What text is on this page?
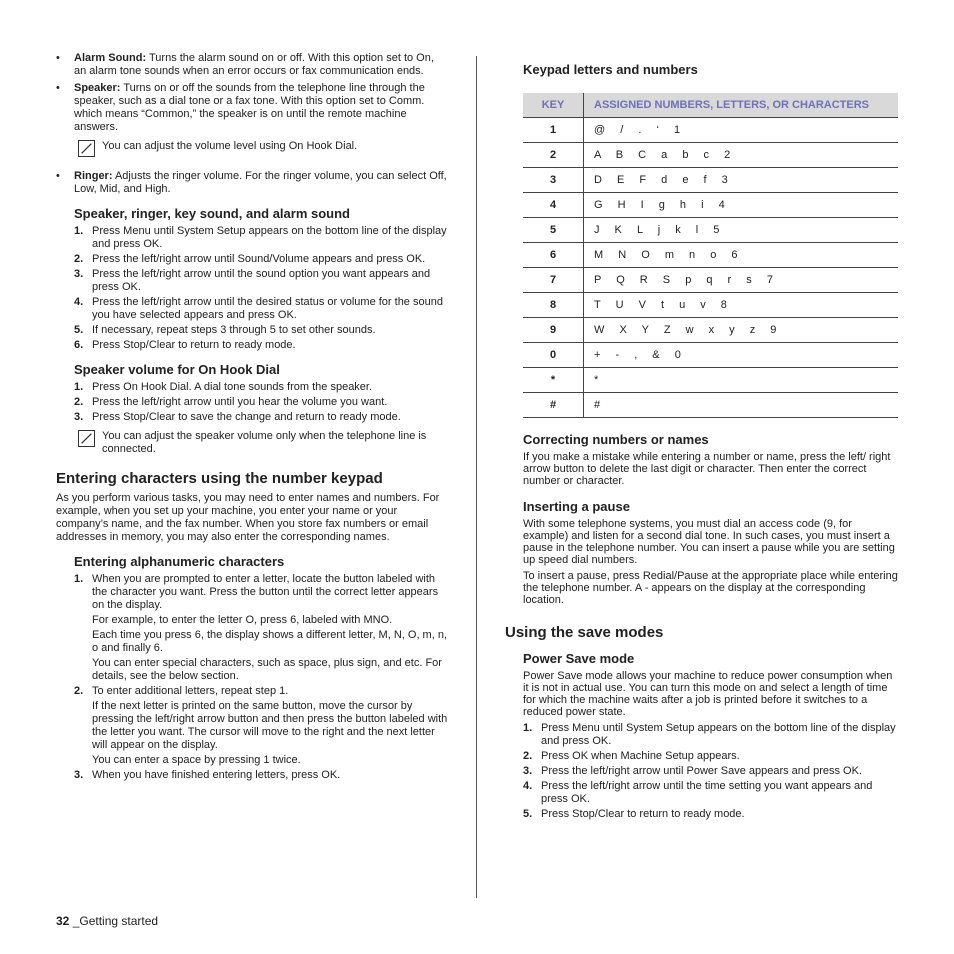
• Alarm Sound: Turns the alarm sound on or off. With this option set to On, an alarm tone sounds when an error occurs or fax communication ends.
• Speaker: Turns on or off the sounds from the telephone line through the speaker, such as a dial tone or a fax tone. With this option set to Comm. which means “Common,” the speaker is on until the remote machine answers.
You can adjust the volume level using On Hook Dial.
• Ringer: Adjusts the ringer volume. For the ringer volume, you can select Off, Low, Mid, and High.
Speaker, ringer, key sound, and alarm sound
1. Press Menu until System Setup appears on the bottom line of the display and press OK.
2. Press the left/right arrow until Sound/Volume appears and press OK.
3. Press the left/right arrow until the sound option you want appears and press OK.
4. Press the left/right arrow until the desired status or volume for the sound you have selected appears and press OK.
5. If necessary, repeat steps 3 through 5 to set other sounds.
6. Press Stop/Clear to return to ready mode.
Speaker volume for On Hook Dial
1. Press On Hook Dial. A dial tone sounds from the speaker.
2. Press the left/right arrow until you hear the volume you want.
3. Press Stop/Clear to save the change and return to ready mode.
You can adjust the speaker volume only when the telephone line is connected.
Entering characters using the number keypad

As you perform various tasks, you may need to enter names and numbers. For example, when you set up your machine, you enter your name or your company’s name, and the fax number. When you store fax numbers or email addresses in memory, you may also enter the corresponding names.

Entering alphanumeric characters
1. When you are prompted to enter a letter, locate the button labeled with the character you want. Press the button until the correct letter appears on the display.

For example, to enter the letter O, press 6, labeled with MNO.

Each time you press 6, the display shows a different letter, M, N, O, m, n, o and finally 6.

You can enter special characters, such as space, plus sign, and etc. For details, see the below section.

2. To enter additional letters, repeat step 1.

If the next letter is printed on the same button, move the cursor by pressing the left/right arrow button and then press the button labeled with the letter you want. The cursor will move to the right and the next letter will appear on the display.

You can enter a space by pressing 1 twice.

3. When you have finished entering letters, press OK.
Keypad letters and numbers
KEY	ASSIGNED NUMBERS, LETTERS, OR CHARACTERS
1	@ / . ‘ 1
2	A B C a b c 2
3	D E F d e f 3
4	G H I g h i 4
5	J K L j k l 5
6	M N O m n o 6
7	P Q R S p q r s 7
8	T U V t u v 8
9	W X Y Z w x y z 9
0	+ - , & 0
*	*
#	#
Correcting numbers or names

If you make a mistake while entering a number or name, press the left/ right arrow button to delete the last digit or character. Then enter the correct number or character.

Inserting a pause

With some telephone systems, you must dial an access code (9, for example) and listen for a second dial tone. In such cases, you must insert a pause in the telephone number. You can insert a pause while you are setting up speed dial numbers.

To insert a pause, press Redial/Pause at the appropriate place while entering the telephone number. A - appears on the display at the corresponding location.

Using the save modes
Power Save mode

Power Save mode allows your machine to reduce power consumption when it is not in actual use. You can turn this mode on and select a length of time for which the machine waits after a job is printed before it switches to a reduced power state.

1. Press Menu until System Setup appears on the bottom line of the display and press OK.
2. Press OK when Machine Setup appears.
3. Press the left/right arrow until Power Save appears and press OK.
4. Press the left/right arrow until the time setting you want appears and press OK.
5. Press Stop/Clear to return to ready mode.
32 _Getting started
